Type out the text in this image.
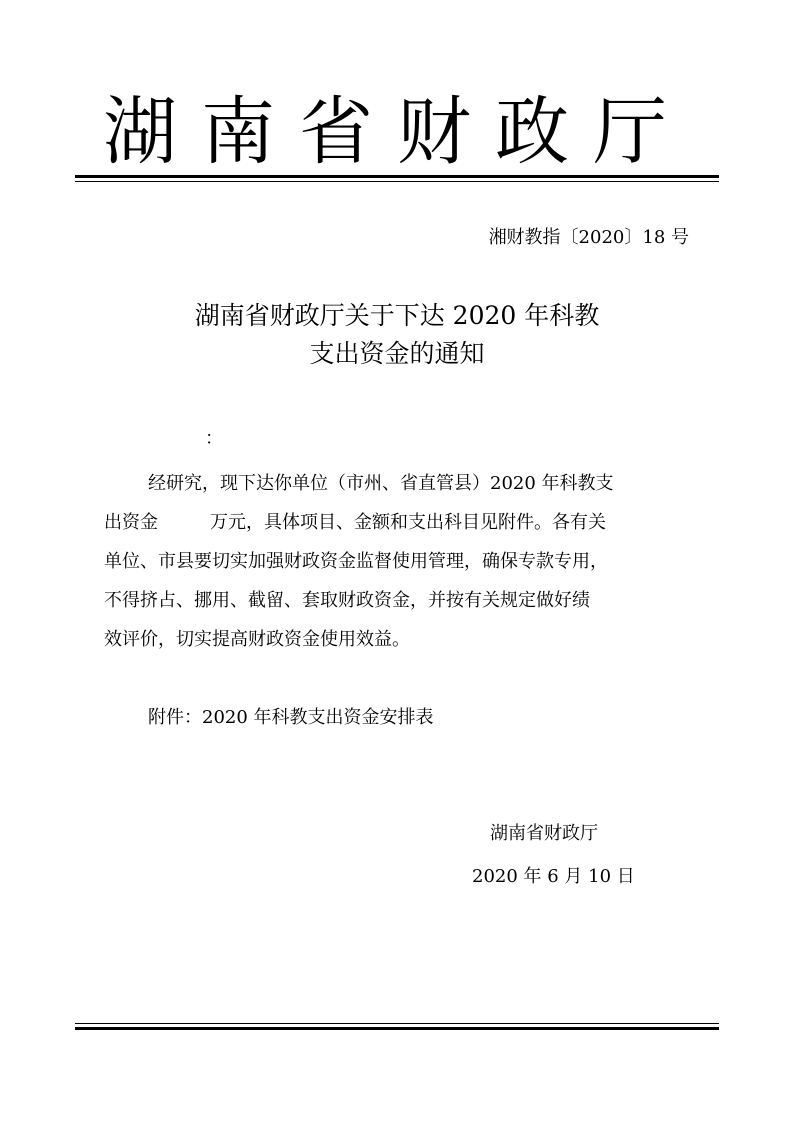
湖南省财政厅
湘财教指〔2020〕18 号
湖南省财政厅关于下达 2020 年科教
支出资金的通知
：
经研究，现下达你单位（市州、省直管县）2020 年科教支
出资金	万元，具体项目、金额和支出科目见附件。各有关
单位、市县要切实加强财政资金监督使用管理，确保专款专用，
不得挤占、挪用、截留、套取财政资金，并按有关规定做好绩
效评价，切实提高财政资金使用效益。
附件：2020 年科教支出资金安排表
湖南省财政厅
2020 年 6 月 10 日
